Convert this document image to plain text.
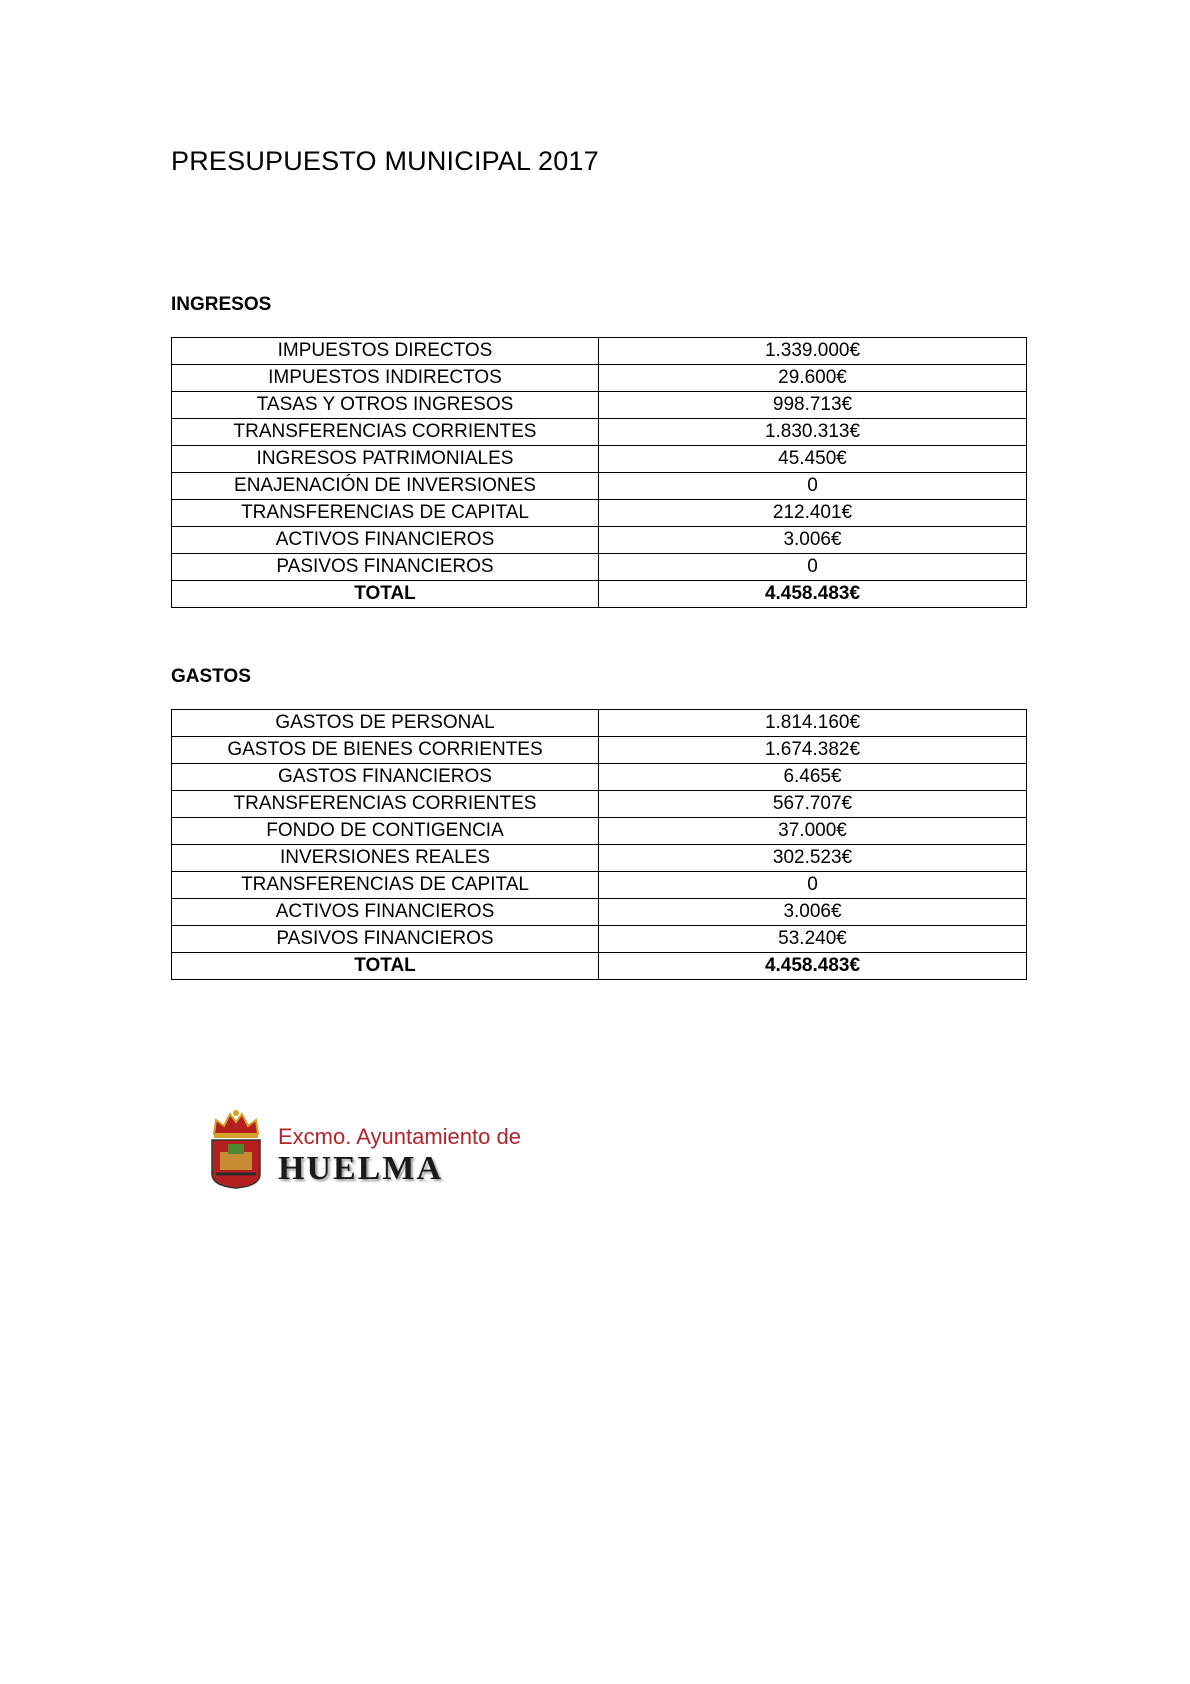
PRESUPUESTO MUNICIPAL 2017
INGRESOS
IMPUESTOS DIRECTOS	1.339.000€
IMPUESTOS INDIRECTOS	29.600€
TASAS Y OTROS INGRESOS	998.713€
TRANSFERENCIAS CORRIENTES	1.830.313€
INGRESOS PATRIMONIALES	45.450€
ENAJENACIÓN DE INVERSIONES	0
TRANSFERENCIAS DE CAPITAL	212.401€
ACTIVOS FINANCIEROS	3.006€
PASIVOS FINANCIEROS	0
TOTAL	4.458.483€
GASTOS
GASTOS DE PERSONAL	1.814.160€
GASTOS DE BIENES CORRIENTES	1.674.382€
GASTOS FINANCIEROS	6.465€
TRANSFERENCIAS CORRIENTES	567.707€
FONDO DE CONTIGENCIA	37.000€
INVERSIONES REALES	302.523€
TRANSFERENCIAS DE CAPITAL	0
ACTIVOS FINANCIEROS	3.006€
PASIVOS FINANCIEROS	53.240€
TOTAL	4.458.483€
Excmo. Ayuntamiento de
HUELMA
